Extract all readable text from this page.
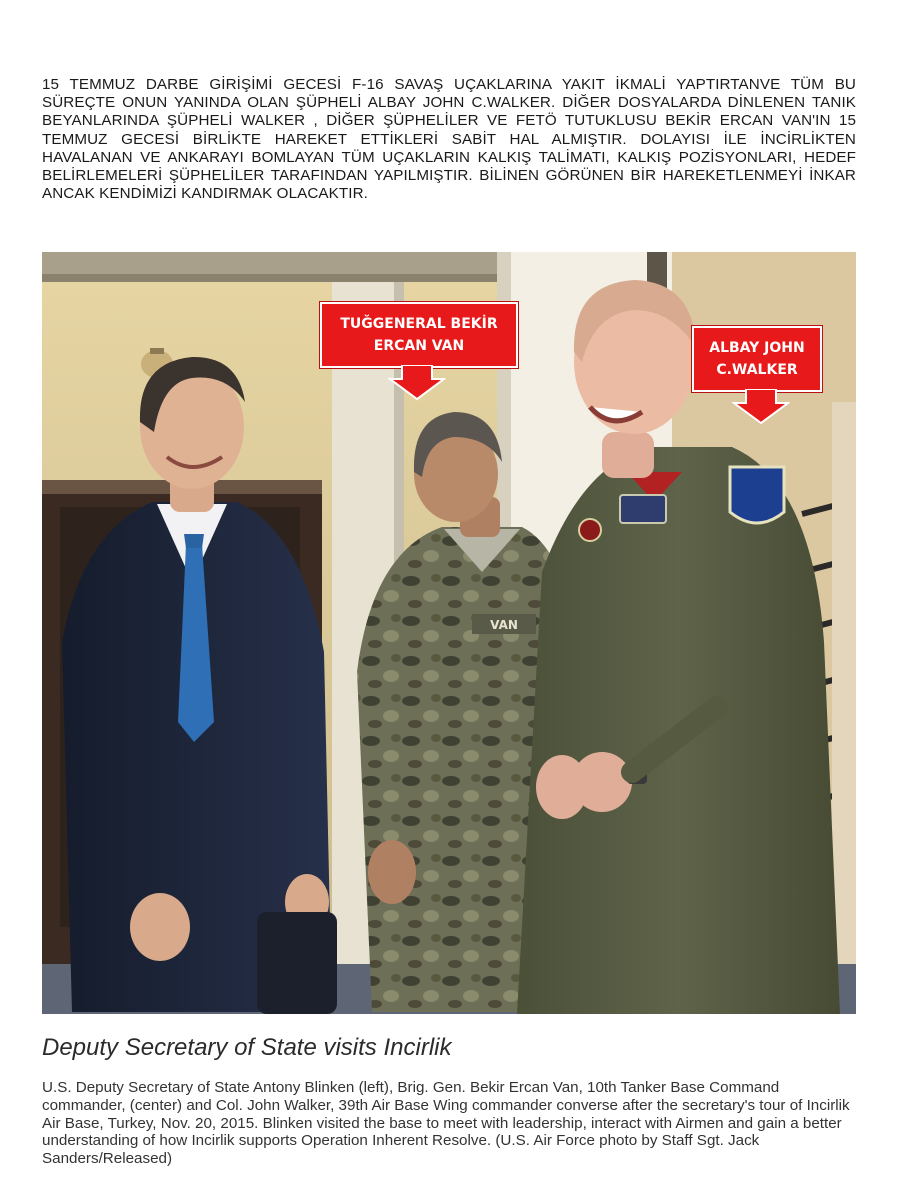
15 TEMMUZ DARBE GİRİŞİMİ GECESİ F-16 SAVAŞ UÇAKLARINA YAKIT İKMALİ YAPTIRTANVE TÜM BU SÜREÇTE ONUN YANINDA OLAN ŞÜPHELİ ALBAY JOHN C.WALKER. DİĞER DOSYALARDA DİNLENEN TANIK BEYANLARINDA ŞÜPHELİ WALKER , DİĞER ŞÜPHELİLER VE FETÖ TUTUKLUSU BEKİR ERCAN VAN'IN 15 TEMMUZ GECESİ BİRLİKTE HAREKET ETTİKLERİ SABİT HAL ALMIŞTIR. DOLAYISI İLE İNCİRLİKTEN HAVALANAN VE ANKARAYI BOMLAYAN TÜM UÇAKLARIN KALKIŞ TALİMATI, KALKIŞ POZİSYONLARI, HEDEF BELİRLEMELERİ ŞÜPHELİLER TARAFINDAN YAPILMIŞTIR. BİLİNEN GÖRÜNEN BİR HAREKETLENMEYİ İNKAR ANCAK KENDİMİZİ KANDIRMAK OLACAKTIR.

VAN
TUĞGENERAL BEKİR
ERCAN VAN	ALBAY JOHN
C.WALKER
Deputy Secretary of State visits Incirlik

U.S. Deputy Secretary of State Antony Blinken (left), Brig. Gen. Bekir Ercan Van, 10th Tanker Base Command commander, (center) and Col. John Walker, 39th Air Base Wing commander converse after the secretary's tour of Incirlik Air Base, Turkey, Nov. 20, 2015. Blinken visited the base to meet with leadership, interact with Airmen and gain a better understanding of how Incirlik supports Operation Inherent Resolve. (U.S. Air Force photo by Staff Sgt. Jack Sanders/Released)
